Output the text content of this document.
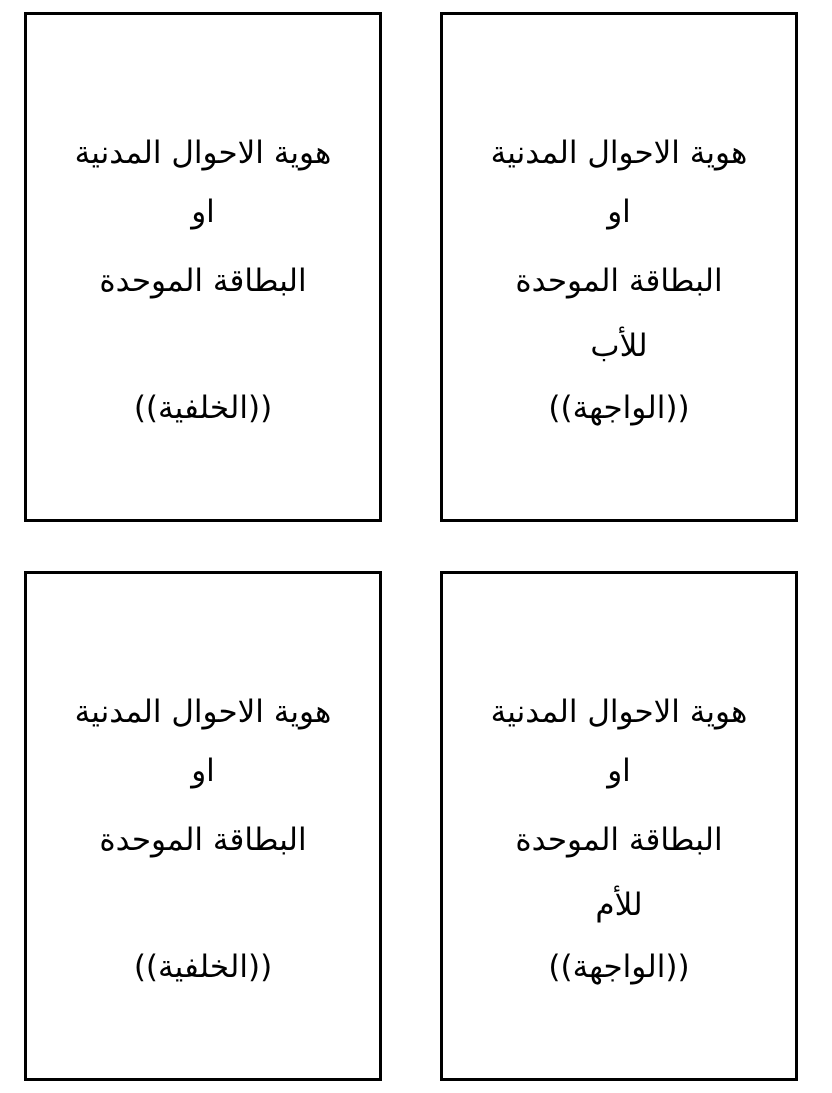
هوية الاحوال المدنية
او
البطاقة الموحدة
للأب
((الواجهة))
هوية الاحوال المدنية
او
البطاقة الموحدة
((الخلفية))
هوية الاحوال المدنية
او
البطاقة الموحدة
للأم
((الواجهة))
هوية الاحوال المدنية
او
البطاقة الموحدة
((الخلفية))
